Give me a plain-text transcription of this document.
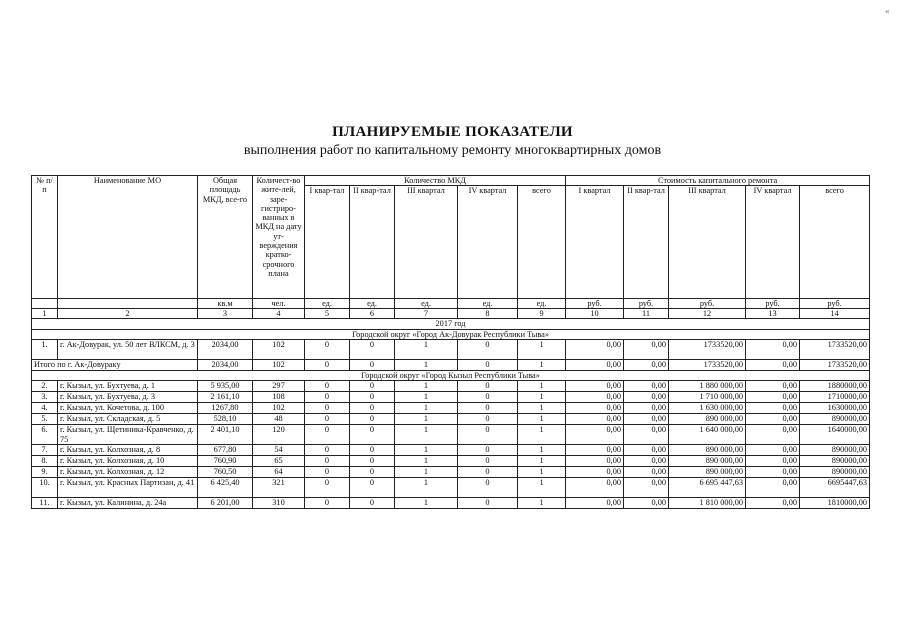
«
ПЛАНИРУЕМЫЕ ПОКАЗАТЕЛИ
выполнения работ по капитальному ремонту многоквартирных домов
№ п/п	Наименование МО	Общая площадь МКД, все-го	Количест-во жите-лей, заре-гистриро-ванных в МКД на дату ут-верждения кратко-срочного плана	Количество МКД					Стоимость капитального ремонта				
				I квар-тал	II квар-тал	III квартал	IV квартал	всего	I квартал	II квар-тал	III квартал	IV квартал	всего
		кв.м	чел.	ед.	ед.	ед.	ед.	ед.	руб.	руб.	руб.	руб.	руб.
1	2	3	4	5	6	7	8	9	10	11	12	13	14
2017 год													
Городской округ «Город Ак-Довурак Республики Тыва»													
1.	г. Ак-Довурак, ул. 50 лет ВЛКСМ, д. 3	2034,00	102	0	0	1	0	1	0,00	0,00	1733520,00	0,00	1733520,00
Итого по г. Ак-Довураку		2034,00	102	0	0	1	0	1	0,00	0,00	1733520,00	0,00	1733520,00
Городской округ «Город Кызыл Республики Тыва»													
2.	г. Кызыл, ул. Бухтуева, д. 1	5 935,00	297	0	0	1	0	1	0,00	0,00	1 880 000,00	0,00	1880000,00
3.	г. Кызыл, ул. Бухтуева, д. 3	2 161,10	108	0	0	1	0	1	0,00	0,00	1 710 000,00	0,00	1710000,00
4.	г. Кызыл, ул. Кочетова, д. 100	1267,80	102	0	0	1	0	1	0,00	0,00	1 630 000,00	0,00	1630000,00
5.	г. Кызыл, ул. Складская, д. 5	528,10	48	0	0	1	0	1	0,00	0,00	890 000,00	0,00	890000,00
6.	г. Кызыл, ул. Щетиника-Кравченко, д. 75	2 401,10	120	0	0	1	0	1	0,00	0,00	1 640 000,00	0,00	1640000,00
7.	г. Кызыл, ул. Колхозная, д. 8	677,80	54	0	0	1	0	1	0,00	0,00	890 000,00	0,00	890000,00
8.	г. Кызыл, ул. Колхозная, д. 10	760,90	65	0	0	1	0	1	0,00	0,00	890 000,00	0,00	890000,00
9.	г. Кызыл, ул. Колхозная, д. 12	760,50	64	0	0	1	0	1	0,00	0,00	890 000,00	0,00	890000,00
10.	г. Кызыл, ул. Красных Партизан, д. 41	6 425,40	321	0	0	1	0	1	0,00	0,00	6 695 447,63	0,00	6695447,63
11.	г. Кызыл, ул. Калинина, д. 24а	6 201,00	310	0	0	1	0	1	0,00	0,00	1 810 000,00	0,00	1810000,00
